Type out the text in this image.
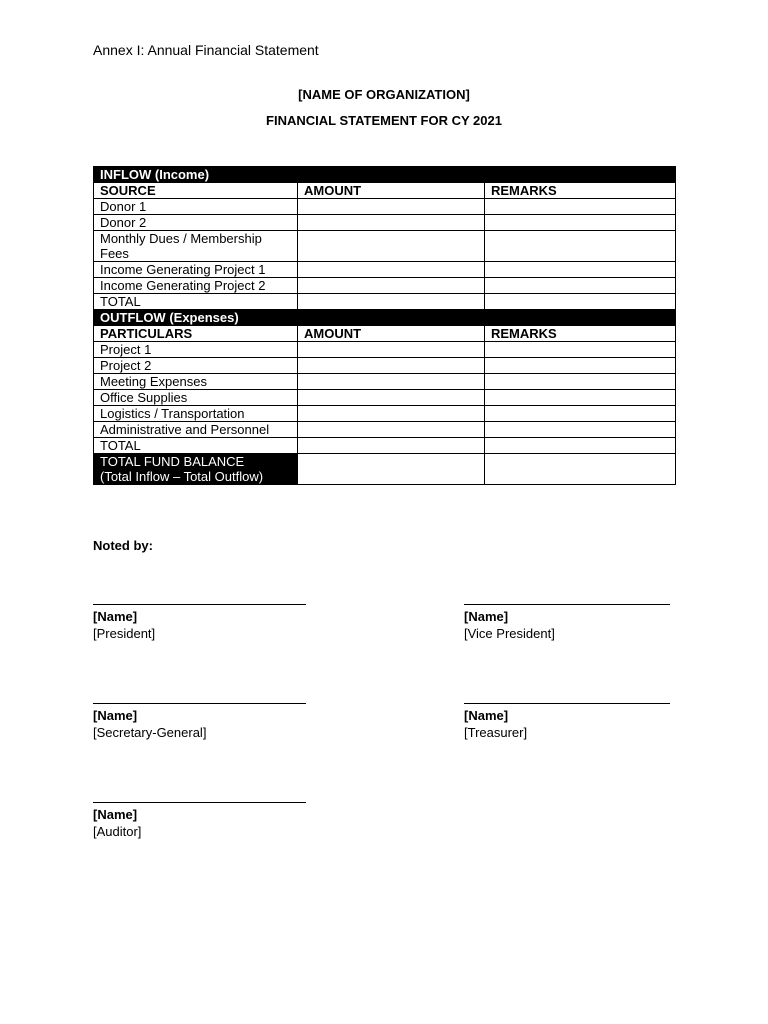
Annex I: Annual Financial Statement
[NAME OF ORGANIZATION]
FINANCIAL STATEMENT FOR CY 2021
INFLOW (Income)		
SOURCE	AMOUNT	REMARKS
Donor 1		
Donor 2		
Monthly Dues / Membership Fees		
Income Generating Project 1		
Income Generating Project 2		
TOTAL		
OUTFLOW (Expenses)		
PARTICULARS	AMOUNT	REMARKS
Project 1		
Project 2		
Meeting Expenses		
Office Supplies		
Logistics / Transportation		
Administrative and Personnel		
TOTAL		

TOTAL FUND BALANCE
(Total Inflow – Total Outflow)		

Noted by:
[Name]
[President]
[Name]
[Vice President]
[Name]
[Secretary-General]
[Name]
[Treasurer]
[Name]
[Auditor]
